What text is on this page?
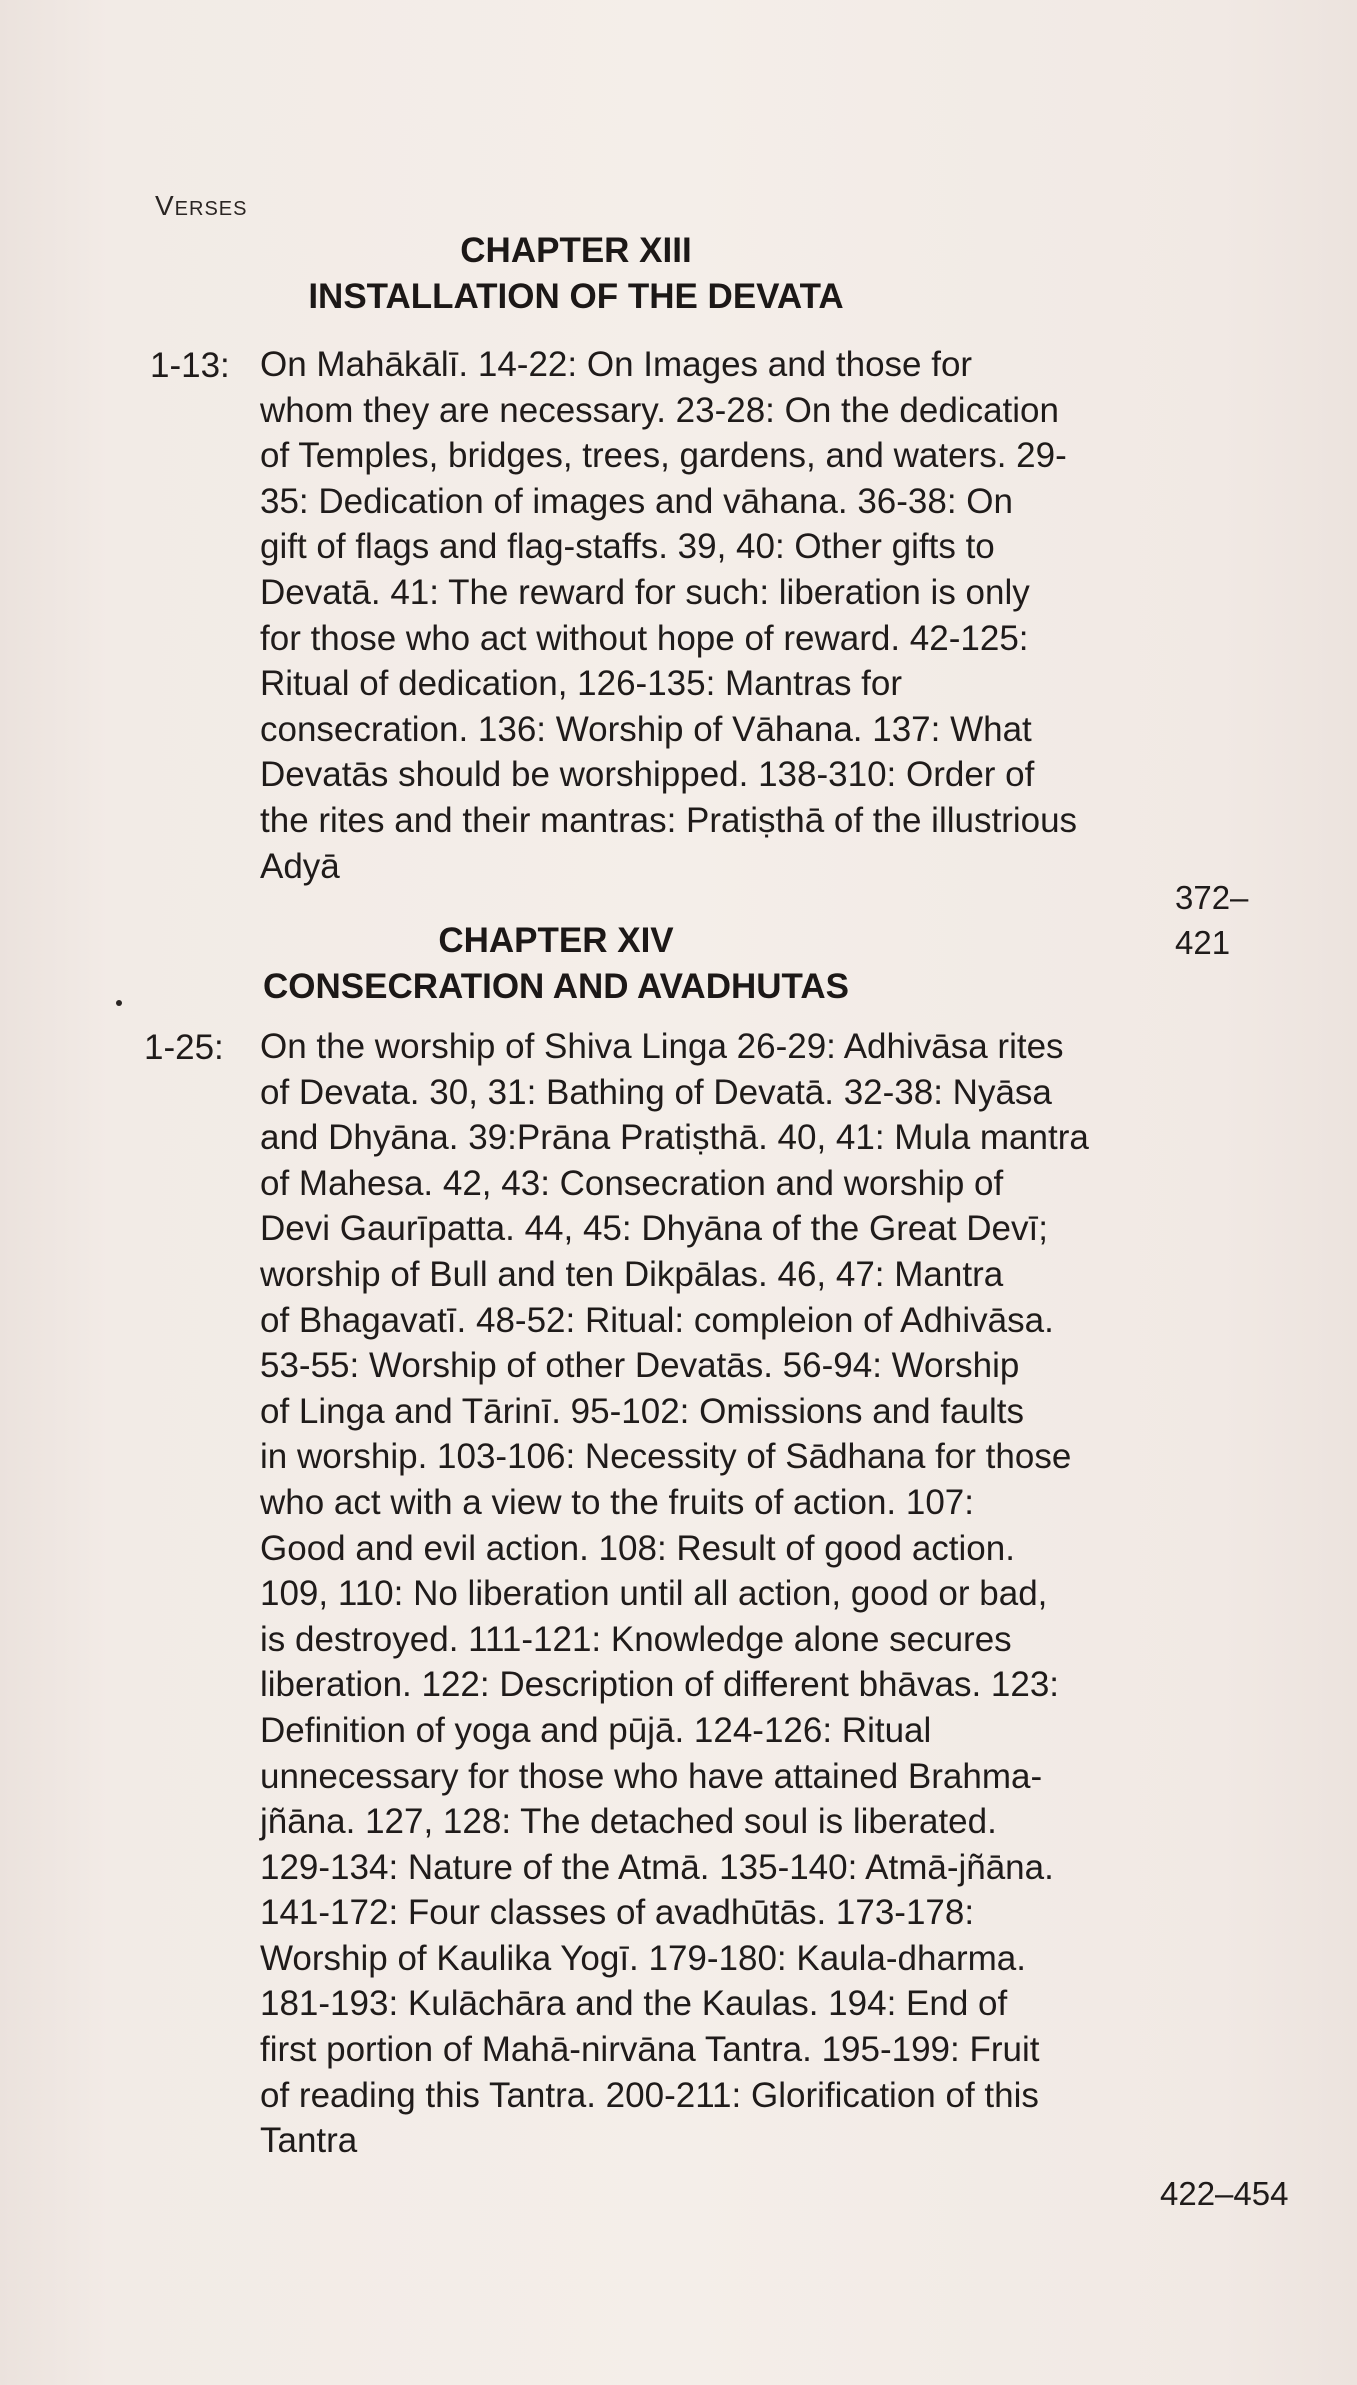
Verses
CHAPTER XIII
INSTALLATION OF THE DEVATA
1-13: On Mahākālī. 14-22: On Images and those for
whom they are necessary. 23-28: On the dedication
of Temples, bridges, trees, gardens, and waters. 29-
35: Dedication of images and vāhana. 36-38: On
gift of flags and flag-staffs. 39, 40: Other gifts to
Devatā. 41: The reward for such: liberation is only
for those who act without hope of reward. 42-125:
Ritual of dedication, 126-135: Mantras for
consecration. 136: Worship of Vāhana. 137: What
Devatās should be worshipped. 138-310: Order of
the rites and their mantras: Pratiṣthā of the illustrious
Adyā
372–421
CHAPTER XIV
CONSECRATION AND AVADHUTAS
1-25: On the worship of Shiva Linga 26-29: Adhivāsa rites
of Devata. 30, 31: Bathing of Devatā. 32-38: Nyāsa
and Dhyāna. 39:Prāna Pratiṣthā. 40, 41: Mula mantra
of Mahesa. 42, 43: Consecration and worship of
Devi Gaurīpatta. 44, 45: Dhyāna of the Great Devī;
worship of Bull and ten Dikpālas. 46, 47: Mantra
of Bhagavatī. 48-52: Ritual: compleion of Adhivāsa.
53-55: Worship of other Devatās. 56-94: Worship
of Linga and Tārinī. 95-102: Omissions and faults
in worship. 103-106: Necessity of Sādhana for those
who act with a view to the fruits of action. 107:
Good and evil action. 108: Result of good action.
109, 110: No liberation until all action, good or bad,
is destroyed. 111-121: Knowledge alone secures
liberation. 122: Description of different bhāvas. 123:
Definition of yoga and pūjā. 124-126: Ritual
unnecessary for those who have attained Brahma-
jñāna. 127, 128: The detached soul is liberated.
129-134: Nature of the Atmā. 135-140: Atmā-jñāna.
141-172: Four classes of avadhūtās. 173-178:
Worship of Kaulika Yogī. 179-180: Kaula-dharma.
181-193: Kulāchāra and the Kaulas. 194: End of
first portion of Mahā-nirvāna Tantra. 195-199: Fruit
of reading this Tantra. 200-211: Glorification of this
Tantra
422–454
